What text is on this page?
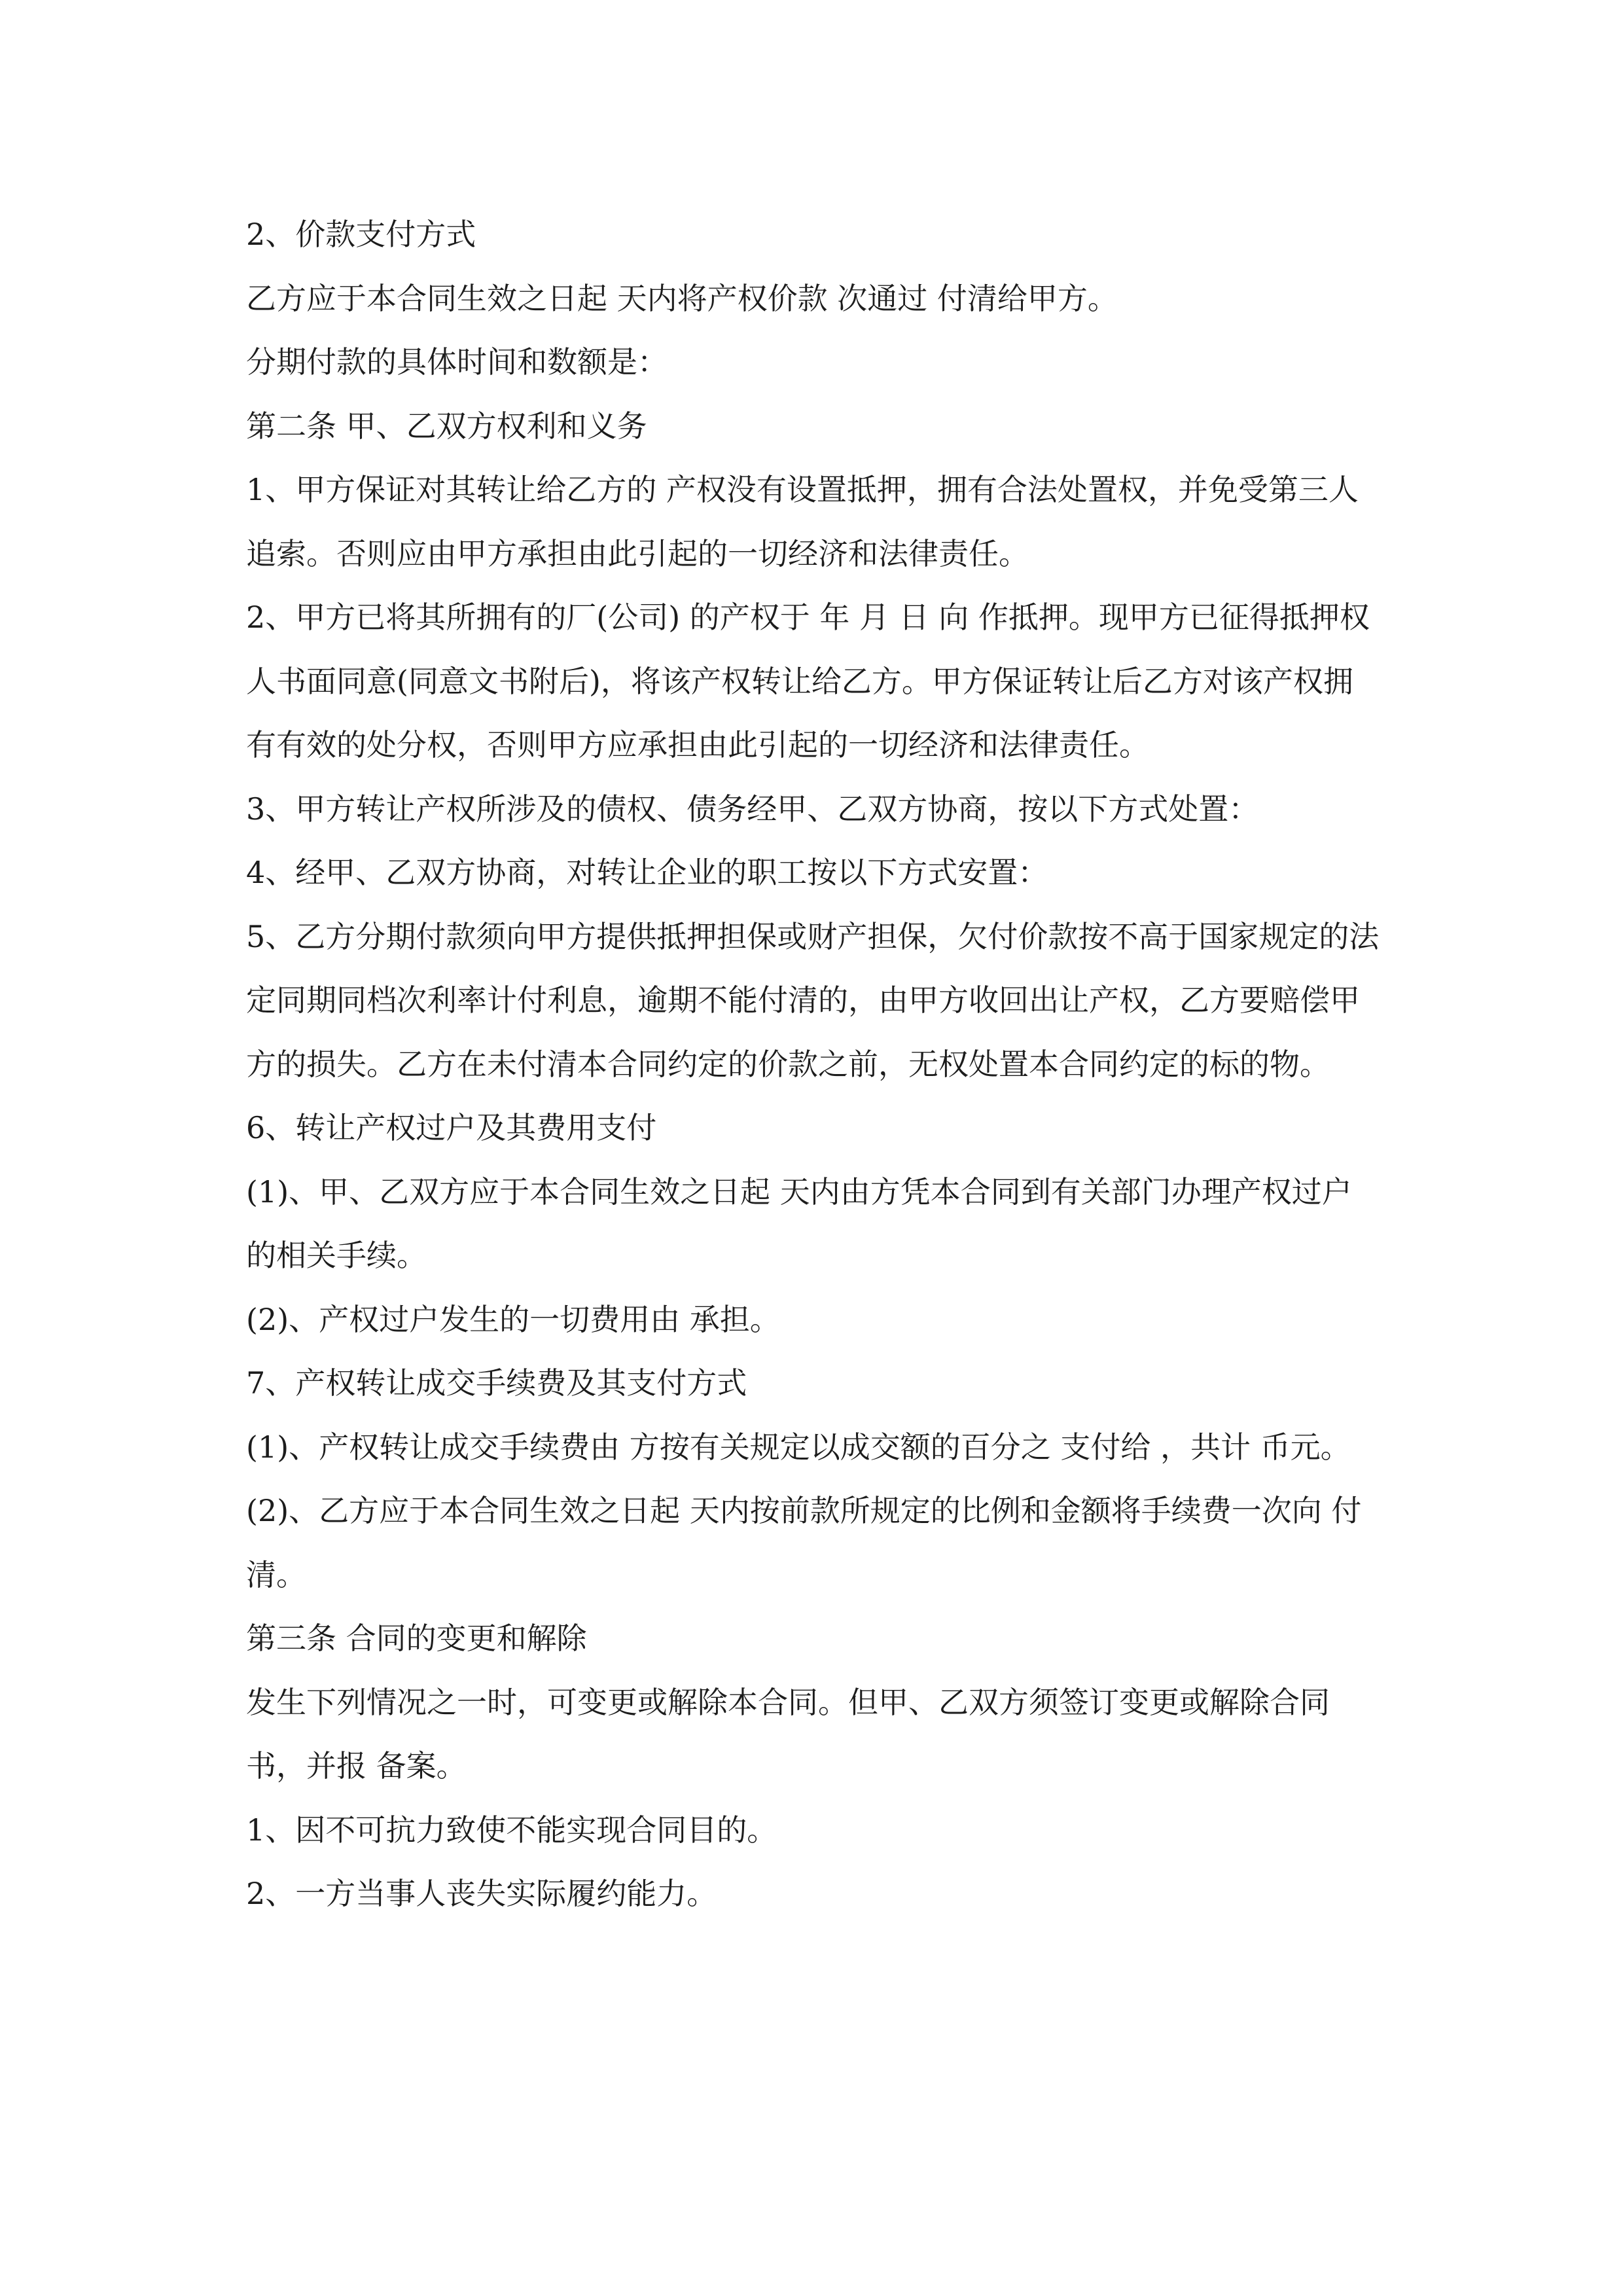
2、价款支付方式

乙方应于本合同生效之日起 天内将产权价款 次通过 付清给甲方。

分期付款的具体时间和数额是：

第二条 甲、乙双方权利和义务

1、甲方保证对其转让给乙方的 产权没有设置抵押，拥有合法处置权，并免受第三人追索。否则应由甲方承担由此引起的一切经济和法律责任。

2、甲方已将其所拥有的厂(公司) 的产权于 年 月 日 向 作抵押。现甲方已征得抵押权人书面同意(同意文书附后)，将该产权转让给乙方。甲方保证转让后乙方对该产权拥有有效的处分权，否则甲方应承担由此引起的一切经济和法律责任。

3、甲方转让产权所涉及的债权、债务经甲、乙双方协商，按以下方式处置：

4、经甲、乙双方协商，对转让企业的职工按以下方式安置：

5、乙方分期付款须向甲方提供抵押担保或财产担保，欠付价款按不高于国家规定的法定同期同档次利率计付利息，逾期不能付清的，由甲方收回出让产权，乙方要赔偿甲方的损失。乙方在未付清本合同约定的价款之前，无权处置本合同约定的标的物。

6、转让产权过户及其费用支付

(1)、甲、乙双方应于本合同生效之日起 天内由方凭本合同到有关部门办理产权过户的相关手续。

(2)、产权过户发生的一切费用由 承担。

7、产权转让成交手续费及其支付方式

(1)、产权转让成交手续费由 方按有关规定以成交额的百分之 支付给 ，共计 币元。

(2)、乙方应于本合同生效之日起 天内按前款所规定的比例和金额将手续费一次向 付清。

第三条 合同的变更和解除

发生下列情况之一时，可变更或解除本合同。但甲、乙双方须签订变更或解除合同书，并报 备案。

1、因不可抗力致使不能实现合同目的。

2、一方当事人丧失实际履约能力。
